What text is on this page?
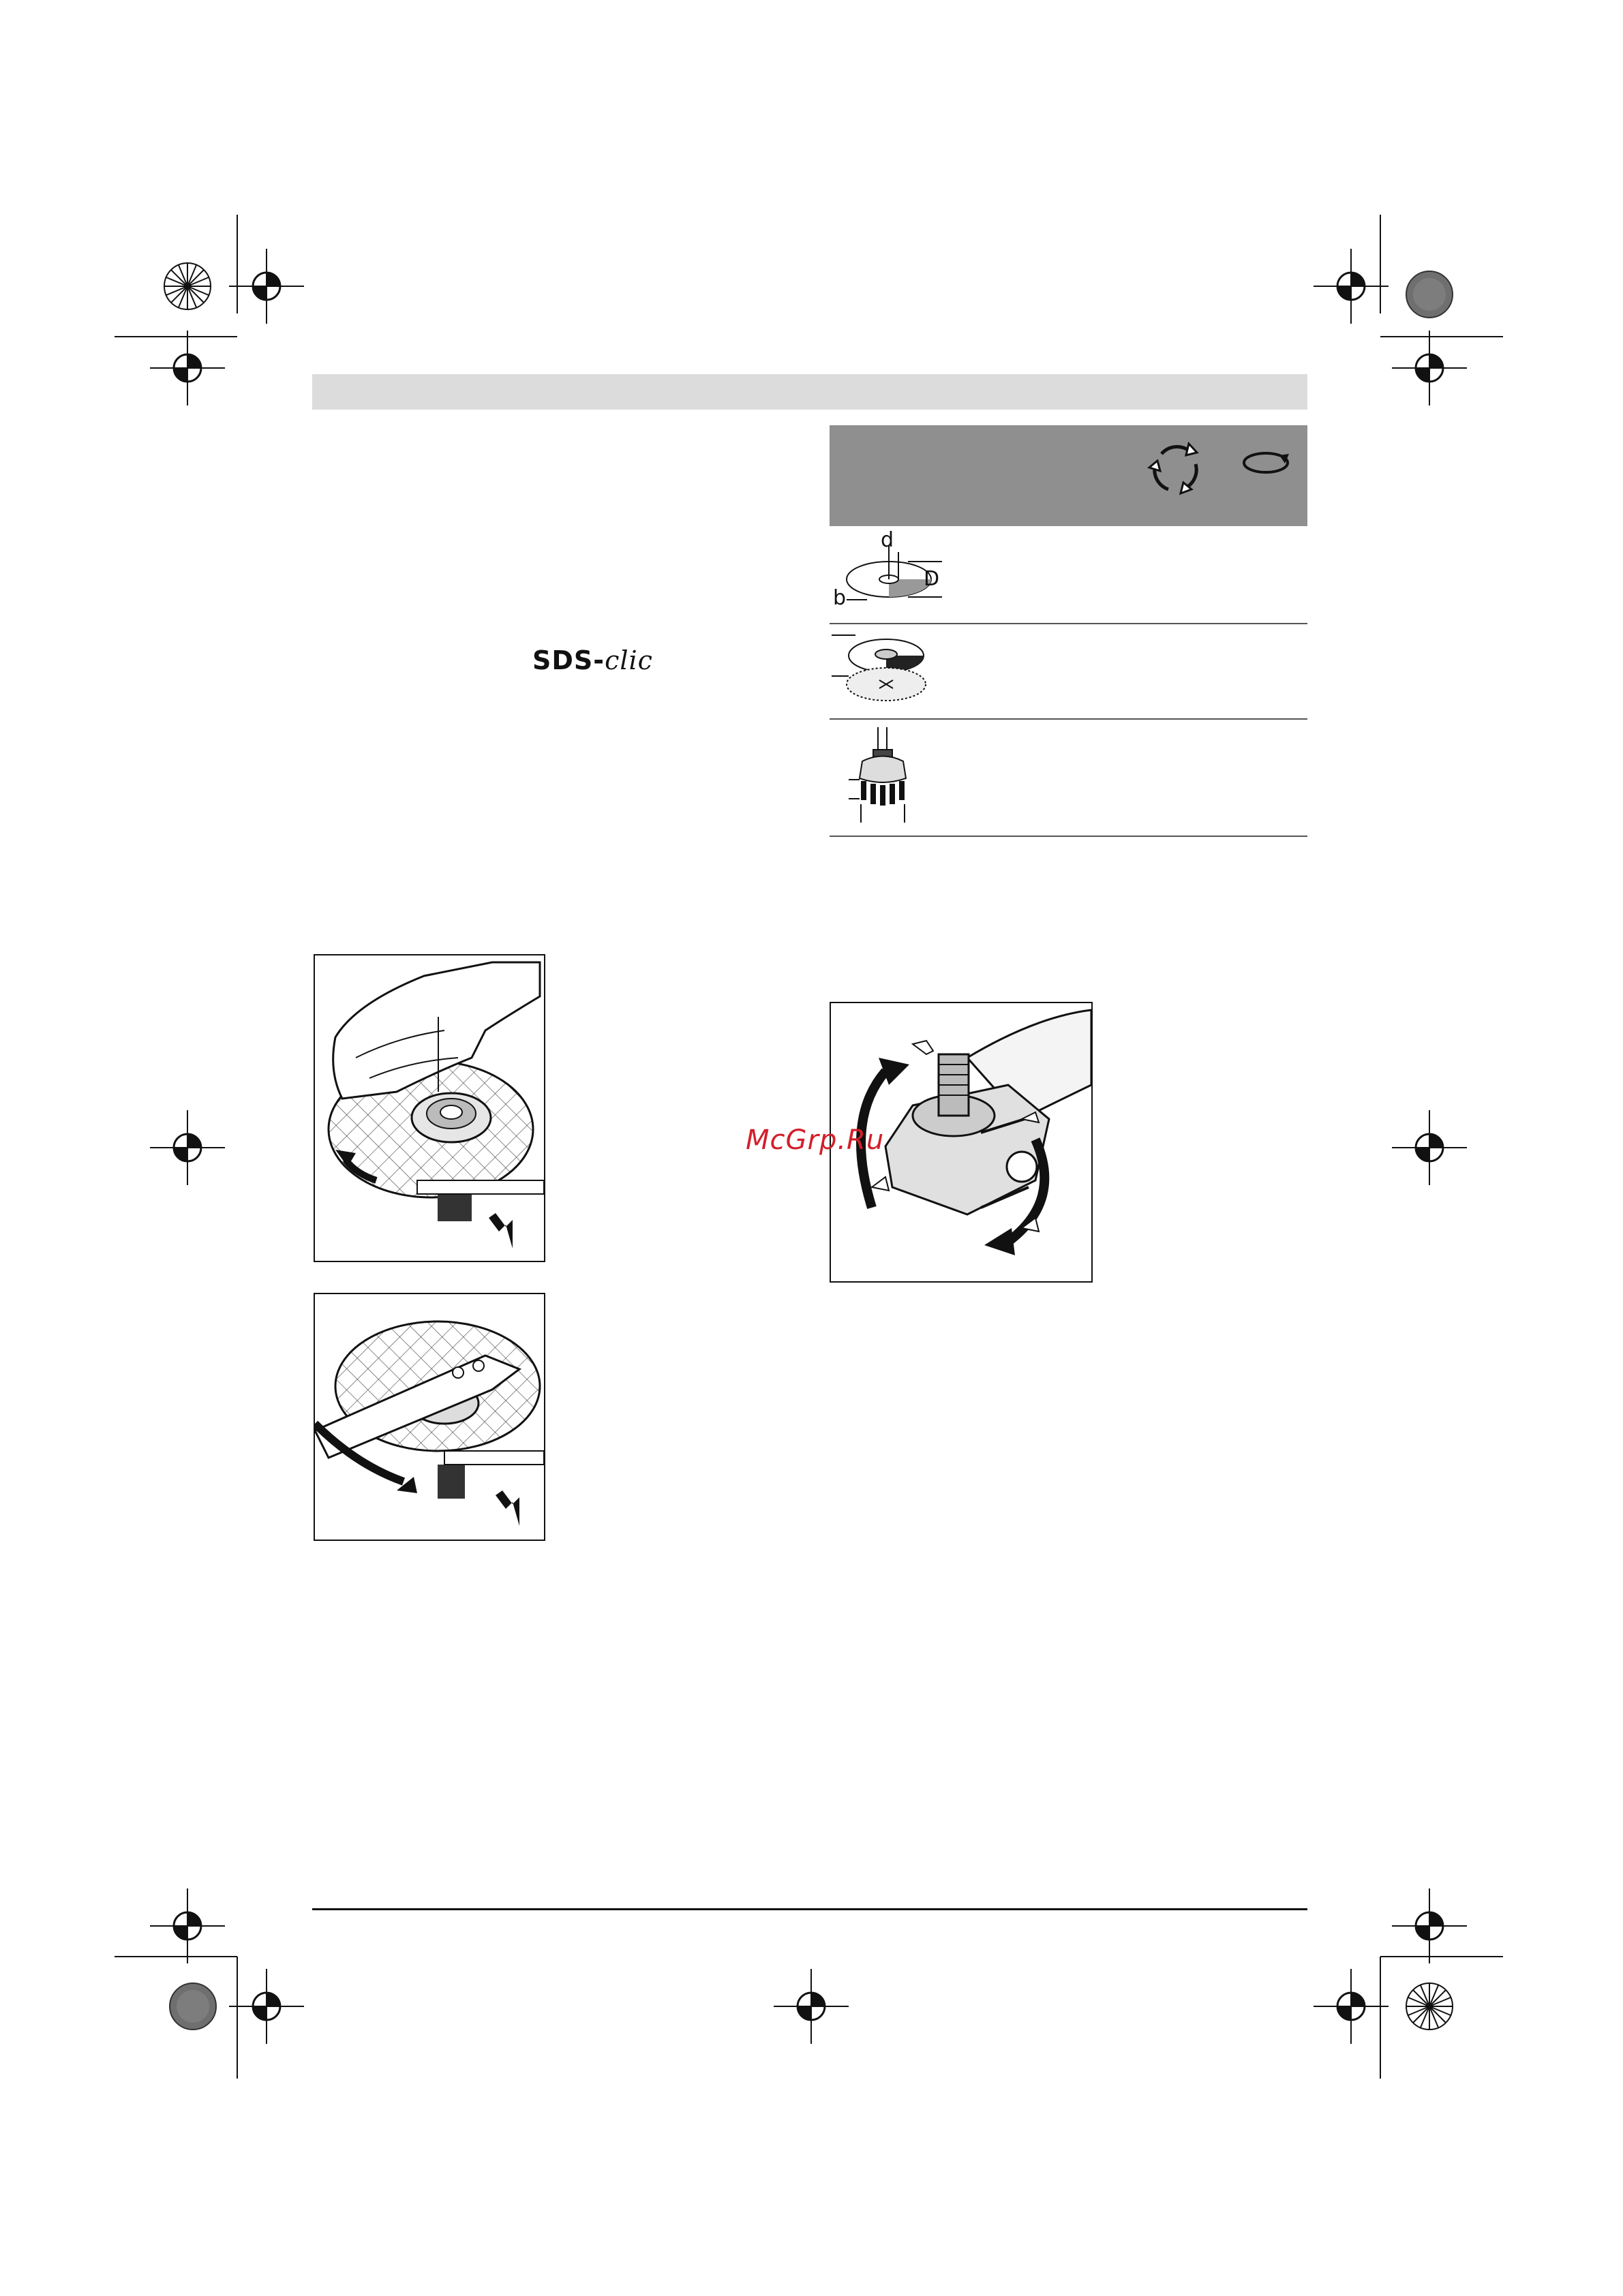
SDS-clic
d
D
b
McGrp.Ru
